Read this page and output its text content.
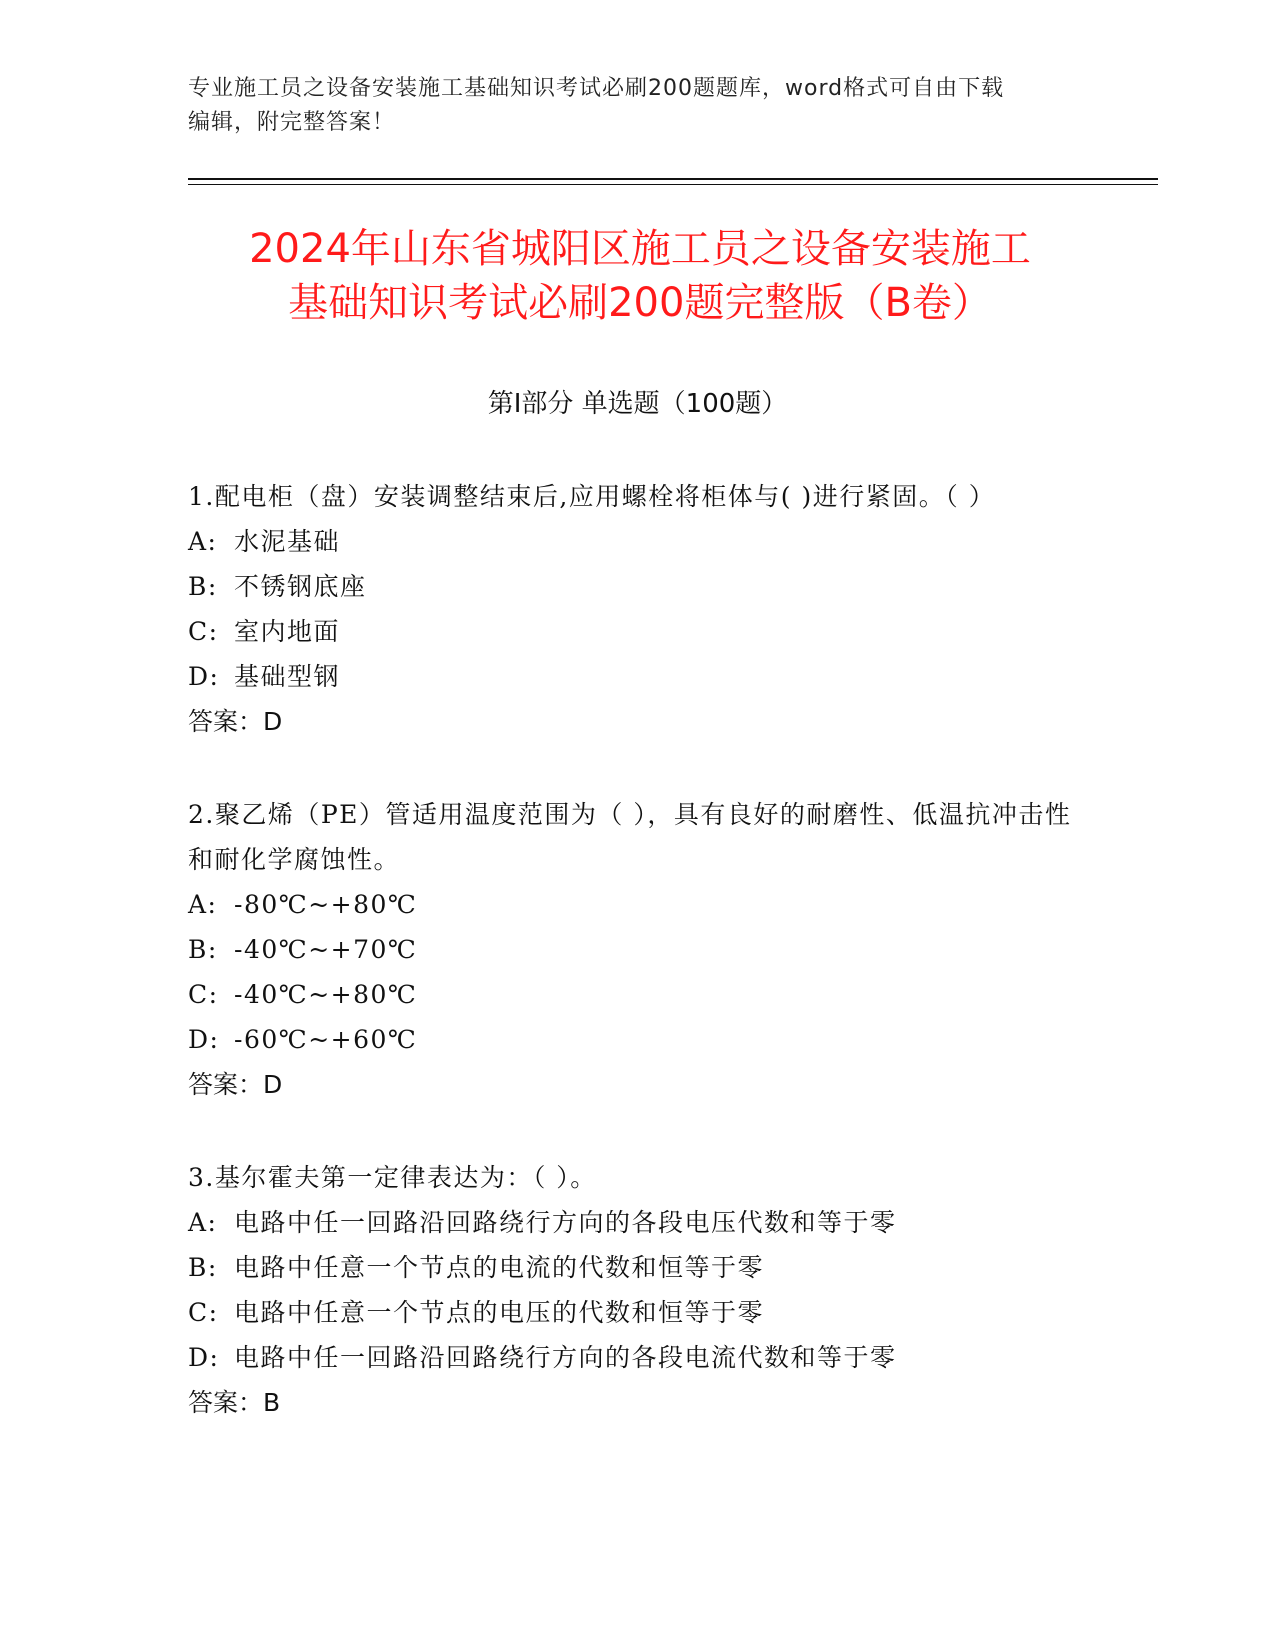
专业施工员之设备安装施工基础知识考试必刷200题题库，word格式可自由下载
编辑，附完整答案！
2024年山东省城阳区施工员之设备安装施工
基础知识考试必刷200题完整版（B卷）
第Ⅰ部分 单选题（100题）
1.配电柜（盘）安装调整结束后,应用螺栓将柜体与( )进行紧固。（ ）
A: 水泥基础
B: 不锈钢底座
C: 室内地面
D: 基础型钢
答案：D
2.聚乙烯（PE）管适用温度范围为（ ），具有良好的耐磨性、低温抗冲击性和耐化学腐蚀性。
A: -80℃~+80℃
B: -40℃~+70℃
C: -40℃~+80℃
D: -60℃~+60℃
答案：D
3.基尔霍夫第一定律表达为：（ ）。
A: 电路中任一回路沿回路绕行方向的各段电压代数和等于零
B: 电路中任意一个节点的电流的代数和恒等于零
C: 电路中任意一个节点的电压的代数和恒等于零
D: 电路中任一回路沿回路绕行方向的各段电流代数和等于零
答案：B
